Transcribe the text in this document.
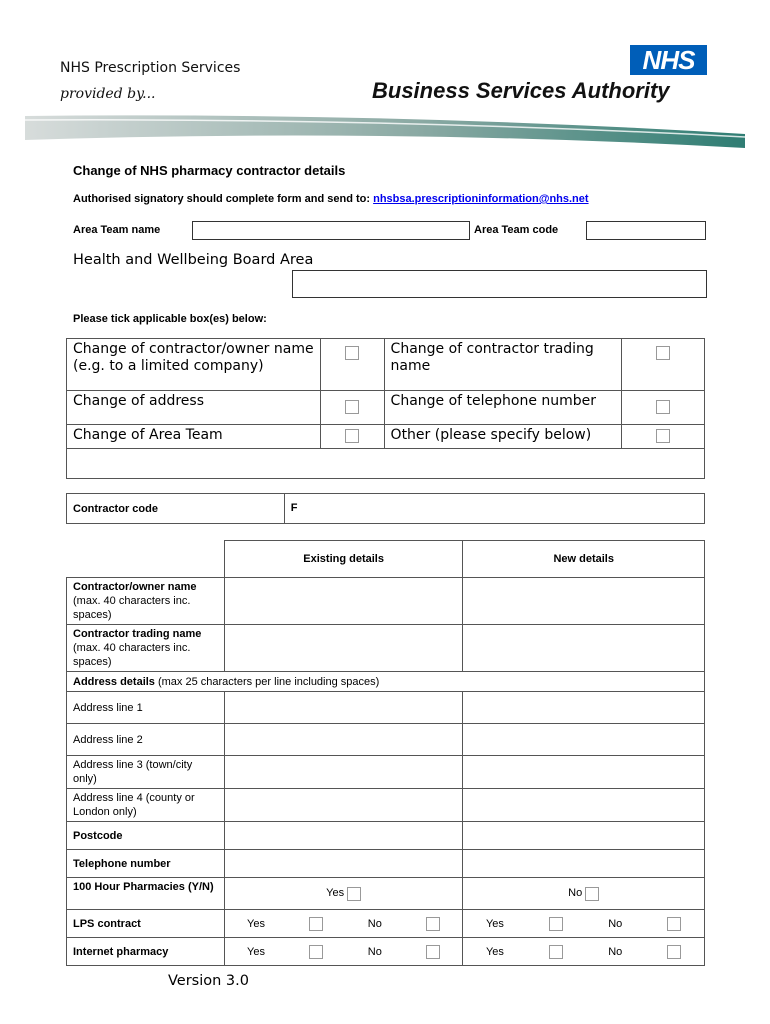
NHS Prescription Services
provided by...
NHS
Business Services Authority
Change of NHS pharmacy contractor details
Authorised signatory should complete form and send to: nhsbsa.prescriptioninformation@nhs.net
Area Team name	Area Team code
Health and Wellbeing Board Area
Please tick applicable box(es) below:
Change of contractor/owner name (e.g. to a limited company)		Change of contractor trading name	
Change of address		Change of telephone number	
Change of Area Team		Other (please specify below)	

Contractor code	F
	Existing details	New details
Contractor/owner name (max. 40 characters inc. spaces)		
Contractor trading name (max. 40 characters inc. spaces)		
Address details (max 25 characters per line including spaces)		
Address line 1		
Address line 2		
Address line 3 (town/city only)		
Address line 4 (county or London only)		
Postcode		
Telephone number		
100 Hour Pharmacies (Y/N)	Yes	No
LPS contract	Yes No	Yes No

Internet pharmacy	Yes No	Yes No
Version 3.0
